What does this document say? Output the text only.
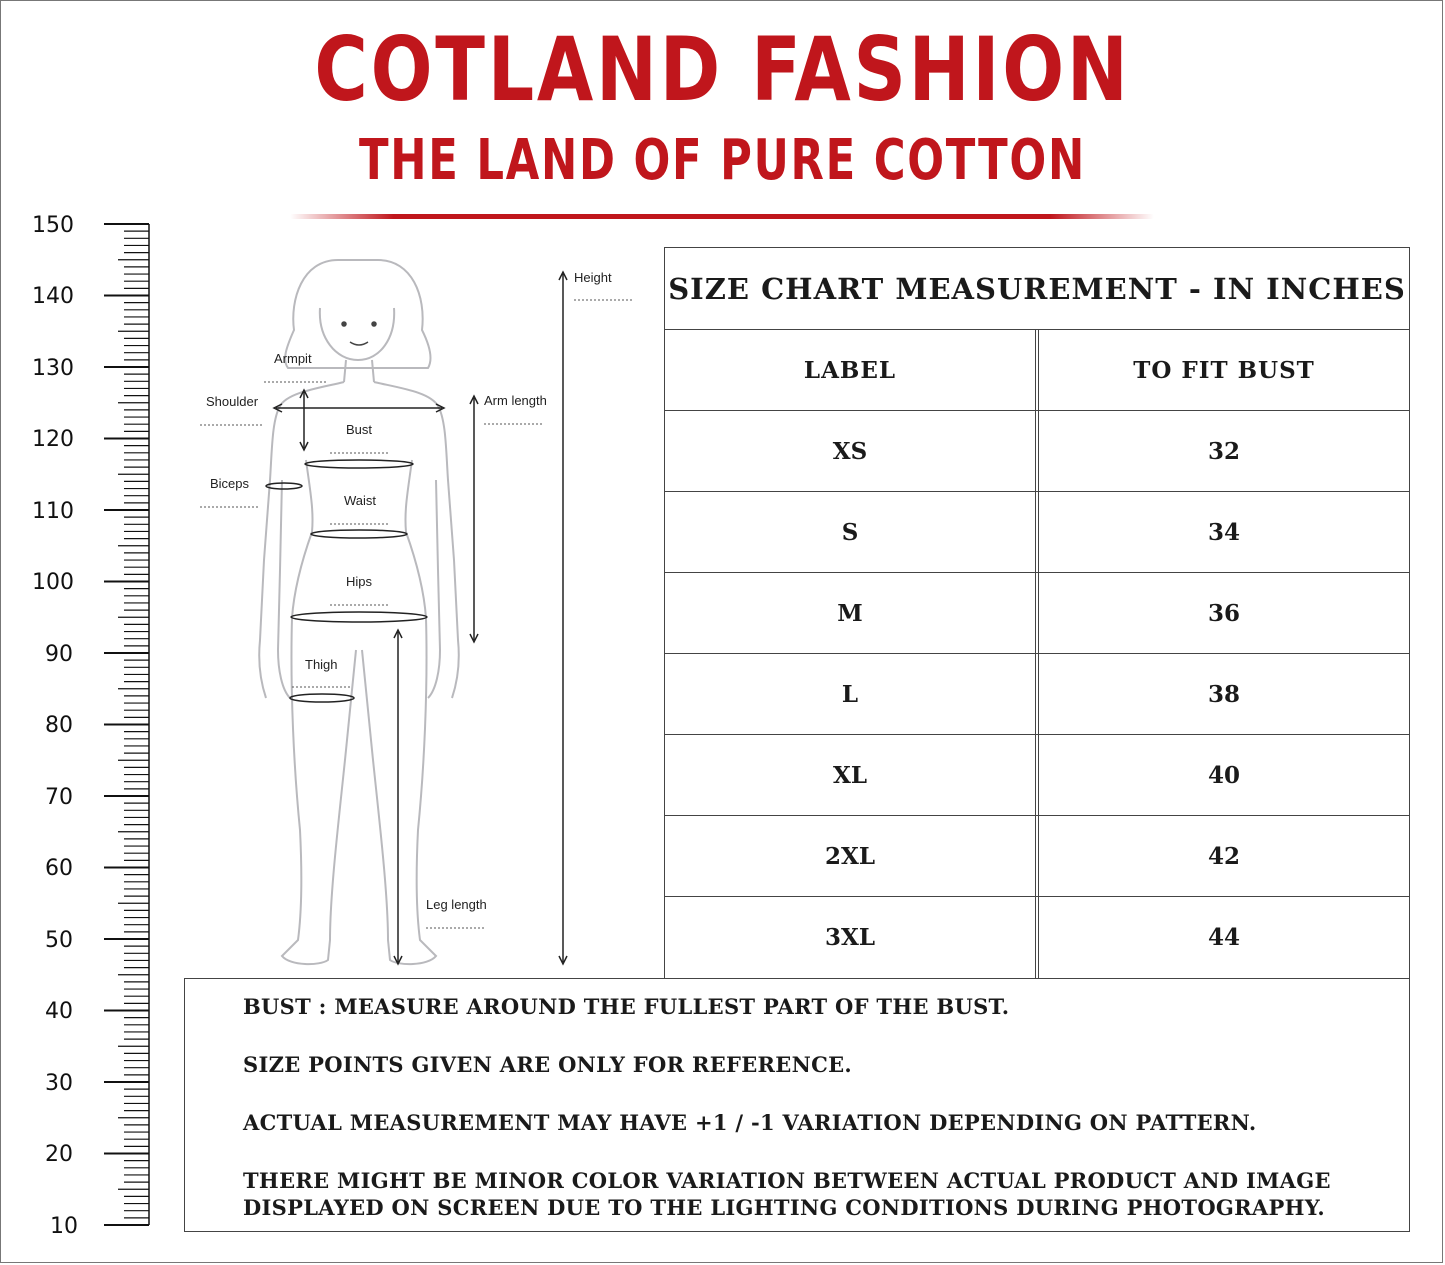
COTLAND FASHION
THE LAND OF PURE COTTON
150
140
130
120
110
100
90
80
70
60
50
40
30
20
10
Height
Armpit
Shoulder	Arm length
Bust
Biceps
Waist
Hips
Thigh
Leg length
SIZE CHART MEASUREMENT - IN INCHES
LABEL	TO FIT BUST
XS	32
S	34
M	36
L	38
XL	40
2XL	42
3XL	44

BUST : MEASURE AROUND THE FULLEST PART OF THE BUST.

SIZE POINTS GIVEN ARE ONLY FOR REFERENCE.

ACTUAL MEASUREMENT MAY HAVE +1 / -1 VARIATION DEPENDING ON PATTERN.

THERE MIGHT BE MINOR COLOR VARIATION BETWEEN ACTUAL PRODUCT AND IMAGE
DISPLAYED ON SCREEN DUE TO THE LIGHTING CONDITIONS DURING PHOTOGRAPHY.
